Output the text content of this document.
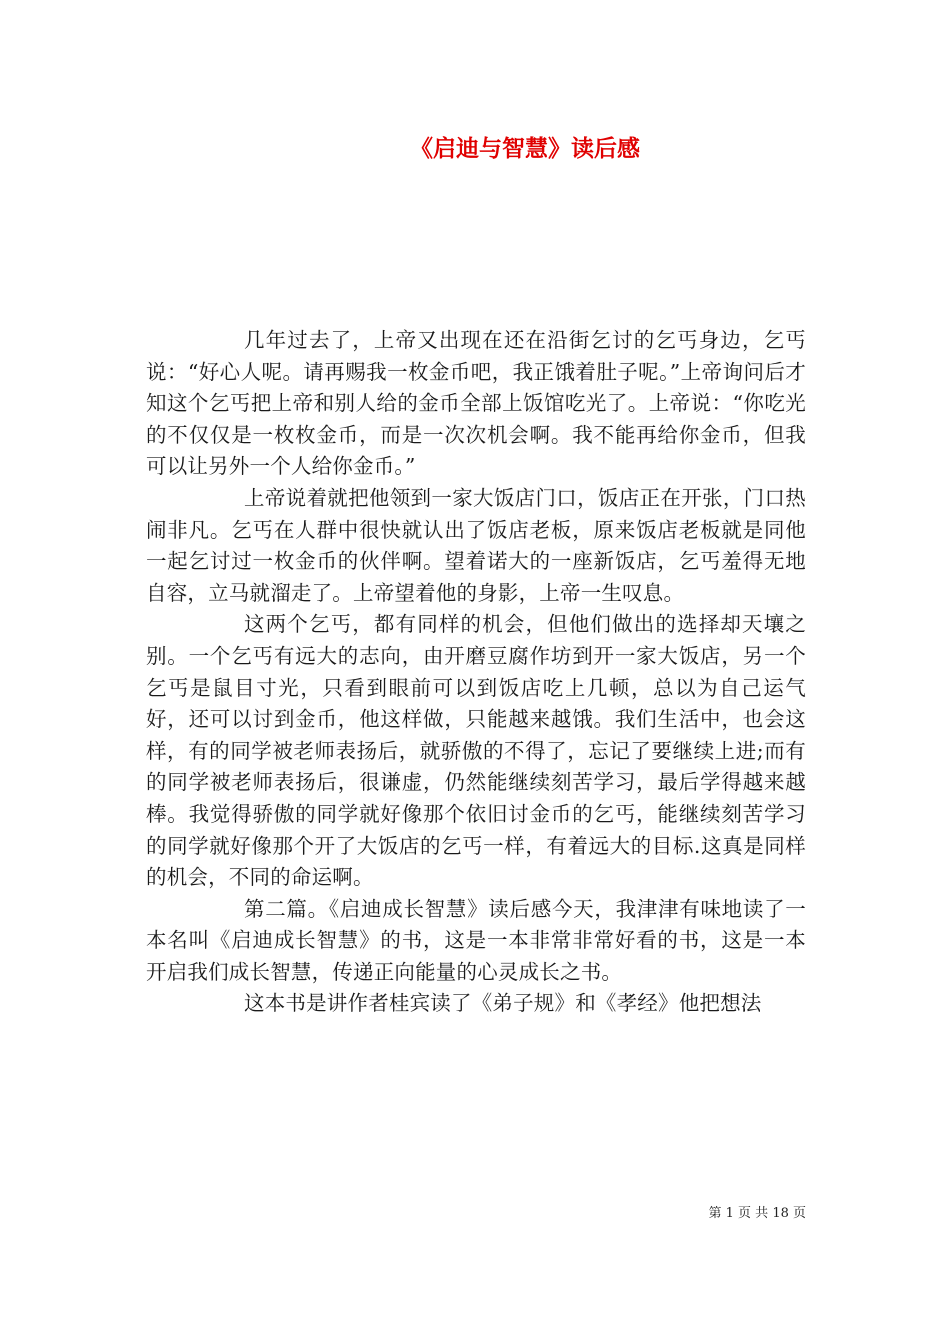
《启迪与智慧》读后感

几年过去了，上帝又出现在还在沿街乞讨的乞丐身边，乞丐说：“好心人呢。请再赐我一枚金币吧，我正饿着肚子呢。”上帝询问后才知这个乞丐把上帝和别人给的金币全部上饭馆吃光了。上帝说：“你吃光的不仅仅是一枚枚金币，而是一次次机会啊。我不能再给你金币，但我可以让另外一个人给你金币。”

上帝说着就把他领到一家大饭店门口，饭店正在开张，门口热闹非凡。乞丐在人群中很快就认出了饭店老板，原来饭店老板就是同他一起乞讨过一枚金币的伙伴啊。望着诺大的一座新饭店，乞丐羞得无地自容，立马就溜走了。上帝望着他的身影，上帝一生叹息。

这两个乞丐，都有同样的机会，但他们做出的选择却天壤之别。一个乞丐有远大的志向，由开磨豆腐作坊到开一家大饭店，另一个乞丐是鼠目寸光，只看到眼前可以到饭店吃上几顿，总以为自己运气好，还可以讨到金币，他这样做，只能越来越饿。我们生活中，也会这样，有的同学被老师表扬后，就骄傲的不得了，忘记了要继续上进;而有的同学被老师表扬后，很谦虚，仍然能继续刻苦学习，最后学得越来越棒。我觉得骄傲的同学就好像那个依旧讨金币的乞丐，能继续刻苦学习的同学就好像那个开了大饭店的乞丐一样，有着远大的目标.这真是同样的机会，不同的命运啊。

第二篇。《启迪成长智慧》读后感今天，我津津有味地读了一本名叫《启迪成长智慧》的书，这是一本非常非常好看的书，这是一本开启我们成长智慧，传递正向能量的心灵成长之书。

这本书是讲作者桂宾读了《弟子规》和《孝经》他把想法

第 1 页 共 18 页
